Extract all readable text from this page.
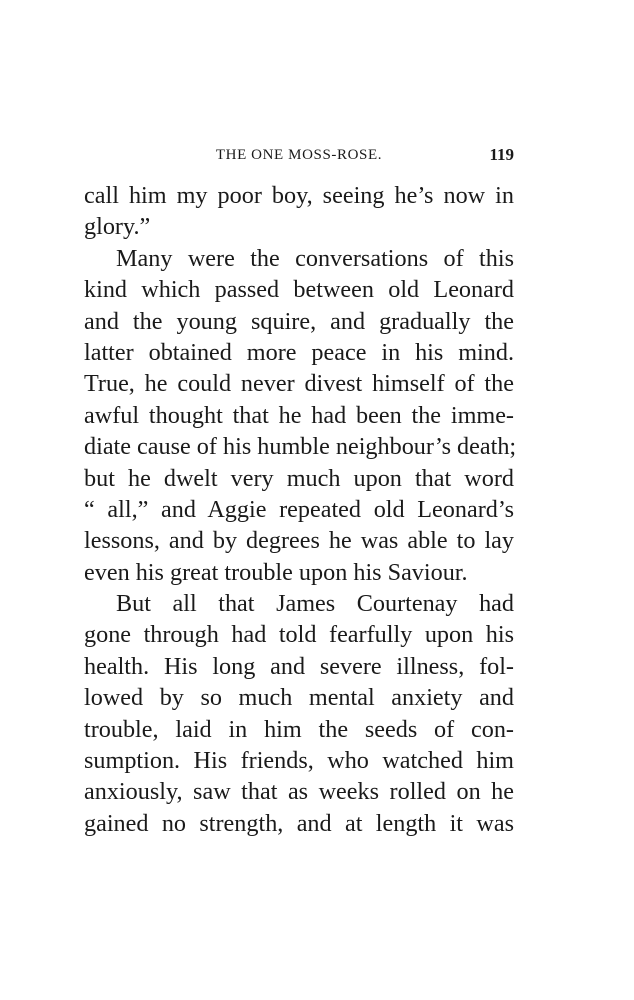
THE ONE MOSS-ROSE.	119
call him my poor boy, seeing he’s now in
glory.”
Many were the conversations of this
kind which passed between old Leonard
and the young squire, and gradually the
latter obtained more peace in his mind.
True, he could never divest himself of the
awful thought that he had been the imme-
diate cause of his humble neighbour’s death;
but he dwelt very much upon that word
“ all,” and Aggie repeated old Leonard’s
lessons, and by degrees he was able to lay
even his great trouble upon his Saviour.
But all that James Courtenay had
gone through had told fearfully upon his
health. His long and severe illness, fol-
lowed by so much mental anxiety and
trouble, laid in him the seeds of con-
sumption. His friends, who watched him
anxiously, saw that as weeks rolled on he
gained no strength, and at length it was
